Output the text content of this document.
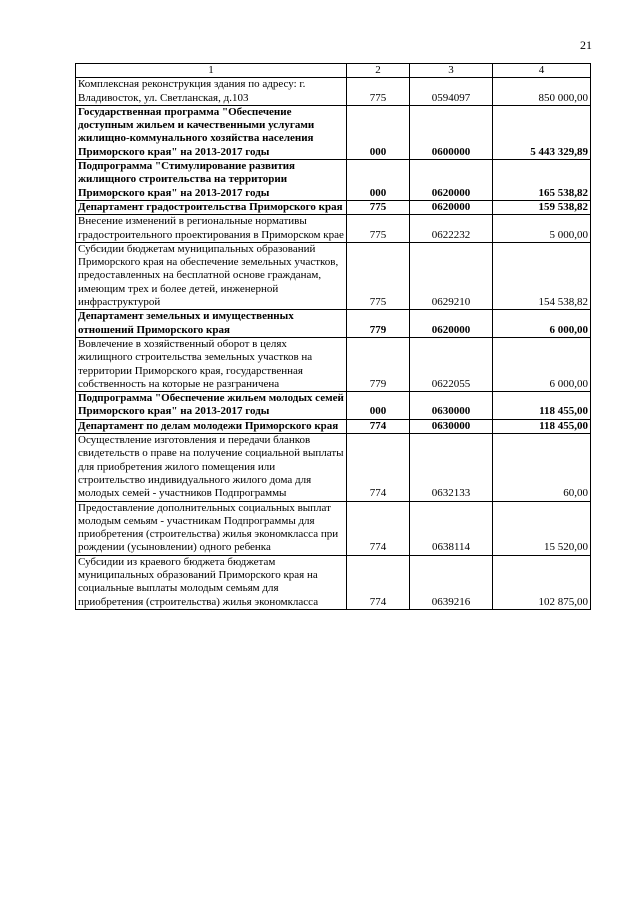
21
1	2	3	4
Комплексная реконструкция здания по адресу: г. Владивосток, ул. Светланская, д.103	775	0594097	850 000,00
Государственная программа "Обеспечение доступным жильем и качественными услугами жилищно-коммунального хозяйства населения Приморского края" на 2013-2017 годы	000	0600000	5 443 329,89
Подпрограмма "Стимулирование развития жилищного строительства на территории Приморского края" на 2013-2017 годы	000	0620000	165 538,82
Департамент градостроительства Приморского края	775	0620000	159 538,82
Внесение изменений в региональные нормативы градостроительного проектирования в Приморском крае	775	0622232	5 000,00
Субсидии бюджетам муниципальных образований Приморского края на обеспечение земельных участков, предоставленных на бесплатной основе гражданам, имеющим трех и более детей, инженерной инфраструктурой	775	0629210	154 538,82
Департамент земельных и имущественных отношений Приморского края	779	0620000	6 000,00
Вовлечение в хозяйственный оборот в целях жилищного строительства земельных участков на территории Приморского края, государственная собственность на которые не разграничена	779	0622055	6 000,00
Подпрограмма "Обеспечение жильем молодых семей Приморского края" на 2013-2017 годы	000	0630000	118 455,00
Департамент по делам молодежи Приморского края	774	0630000	118 455,00
Осуществление изготовления и передачи бланков свидетельств о праве на получение социальной выплаты для приобретения жилого помещения или строительство индивидуального жилого дома для молодых семей - участников Подпрограммы	774	0632133	60,00
Предоставление дополнительных социальных выплат молодым семьям - участникам Подпрограммы для приобретения (строительства) жилья экономкласса при рождении (усыновлении) одного ребенка	774	0638114	15 520,00
Субсидии из краевого бюджета бюджетам муниципальных образований Приморского края на социальные выплаты молодым семьям для приобретения (строительства) жилья экономкласса	774	0639216	102 875,00
